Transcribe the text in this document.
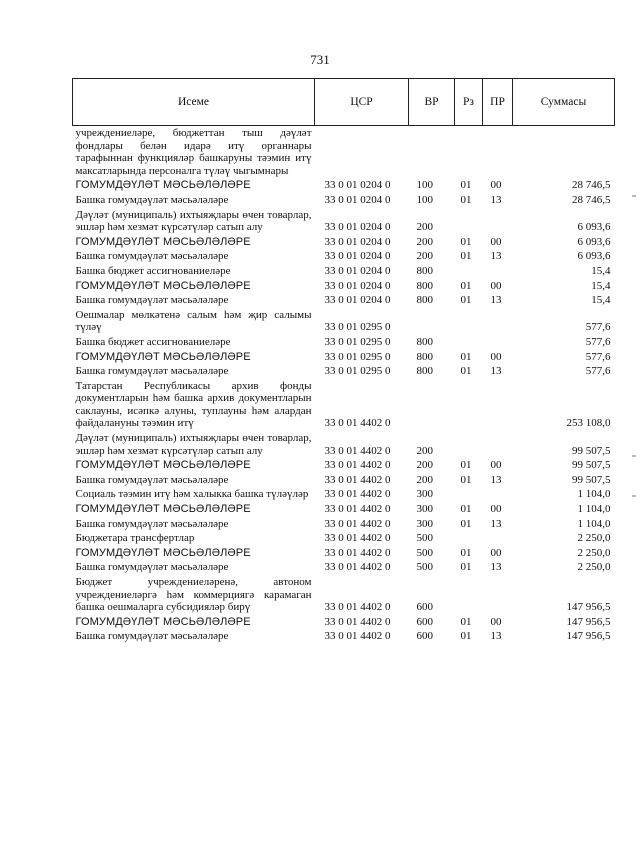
731
Исеме	ЦСР	ВР	Рз	ПР	Суммасы
учреждениеләре, бюджеттан тыш дәүләт фондлары белән идарә итү органнары тарафыннан функцияләр башкаруны тәэмин итү максатларында персоналга түләү чыгымнары					
ГОМУМДӘҮЛӘТ МӘСЬӘЛӘЛӘРЕ	33 0 01 0204 0	100	01	00	28 746,5
Башка гомумдәүләт мәсьәләләре	33 0 01 0204 0	100	01	13	28 746,5
Дәүләт (муниципаль) ихтыяҗлары өчен товарлар, эшләр һәм хезмәт күрсәтүләр сатып алу	33 0 01 0204 0	200			6 093,6
ГОМУМДӘҮЛӘТ МӘСЬӘЛӘЛӘРЕ	33 0 01 0204 0	200	01	00	6 093,6
Башка гомумдәүләт мәсьәләләре	33 0 01 0204 0	200	01	13	6 093,6
Башка бюджет ассигнованиеләре	33 0 01 0204 0	800			15,4
ГОМУМДӘҮЛӘТ МӘСЬӘЛӘЛӘРЕ	33 0 01 0204 0	800	01	00	15,4
Башка гомумдәүләт мәсьәләләре	33 0 01 0204 0	800	01	13	15,4
Оешмалар мөлкәтенә салым һәм җир салымы түләү	33 0 01 0295 0				577,6
Башка бюджет ассигнованиеләре	33 0 01 0295 0	800			577,6
ГОМУМДӘҮЛӘТ МӘСЬӘЛӘЛӘРЕ	33 0 01 0295 0	800	01	00	577,6
Башка гомумдәүләт мәсьәләләре	33 0 01 0295 0	800	01	13	577,6
Татарстан Республикасы архив фонды документларын һәм башка архив документларын саклауны, исәпкә алуны, туплауны һәм алардан файдалануны тәэмин итү	33 0 01 4402 0				253 108,0
Дәүләт (муниципаль) ихтыяҗлары өчен товарлар, эшләр һәм хезмәт күрсәтүләр сатып алу	33 0 01 4402 0	200			99 507,5
ГОМУМДӘҮЛӘТ МӘСЬӘЛӘЛӘРЕ	33 0 01 4402 0	200	01	00	99 507,5
Башка гомумдәүләт мәсьәләләре	33 0 01 4402 0	200	01	13	99 507,5
Социаль тәэмин итү һәм халыкка башка түләүләр	33 0 01 4402 0	300			1 104,0
ГОМУМДӘҮЛӘТ МӘСЬӘЛӘЛӘРЕ	33 0 01 4402 0	300	01	00	1 104,0
Башка гомумдәүләт мәсьәләләре	33 0 01 4402 0	300	01	13	1 104,0
Бюджетара трансфертлар	33 0 01 4402 0	500			2 250,0
ГОМУМДӘҮЛӘТ МӘСЬӘЛӘЛӘРЕ	33 0 01 4402 0	500	01	00	2 250,0
Башка гомумдәүләт мәсьәләләре	33 0 01 4402 0	500	01	13	2 250,0
Бюджет учреждениеләренә, автоном учреждениеләргә һәм коммерциягә карамаган башка оешмаларга субсидияләр бирү	33 0 01 4402 0	600			147 956,5
ГОМУМДӘҮЛӘТ МӘСЬӘЛӘЛӘРЕ	33 0 01 4402 0	600	01	00	147 956,5
Башка гомумдәүләт мәсьәләләре	33 0 01 4402 0	600	01	13	147 956,5
